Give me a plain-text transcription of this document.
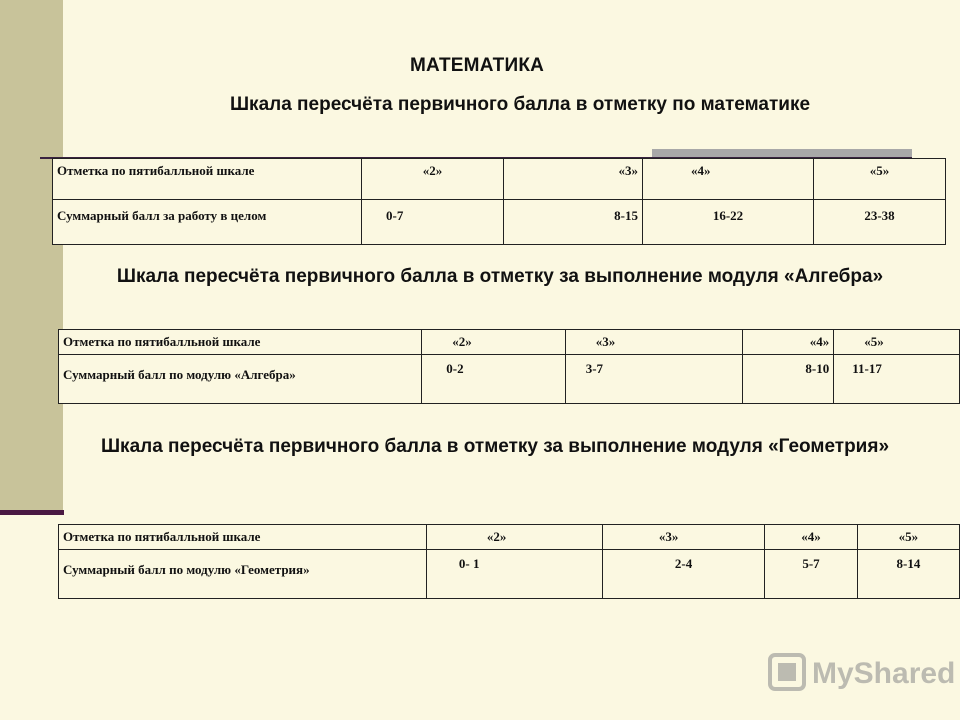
МАТЕМАТИКА
Шкала пересчёта первичного балла в отметку по математике
Отметка по пятибалльной шкале	«2»	«3»	«4»	«5»
Суммарный балл за работу в целом	0-7	8-15	16-22	23-38
Шкала пересчёта первичного балла в отметку за выполнение модуля «Алгебра»
Отметка по пятибалльной шкале	«2»	«3»	«4»	«5»
Суммарный балл по модулю «Алгебра»	0-2	3-7	8-10	11-17
Шкала пересчёта первичного балла в отметку за выполнение модуля «Геометрия»
Отметка по пятибалльной шкале	«2»	«3»	«4»	«5»
Суммарный балл по модулю «Геометрия»	0- 1	2-4	5-7	8-14
MyShared
